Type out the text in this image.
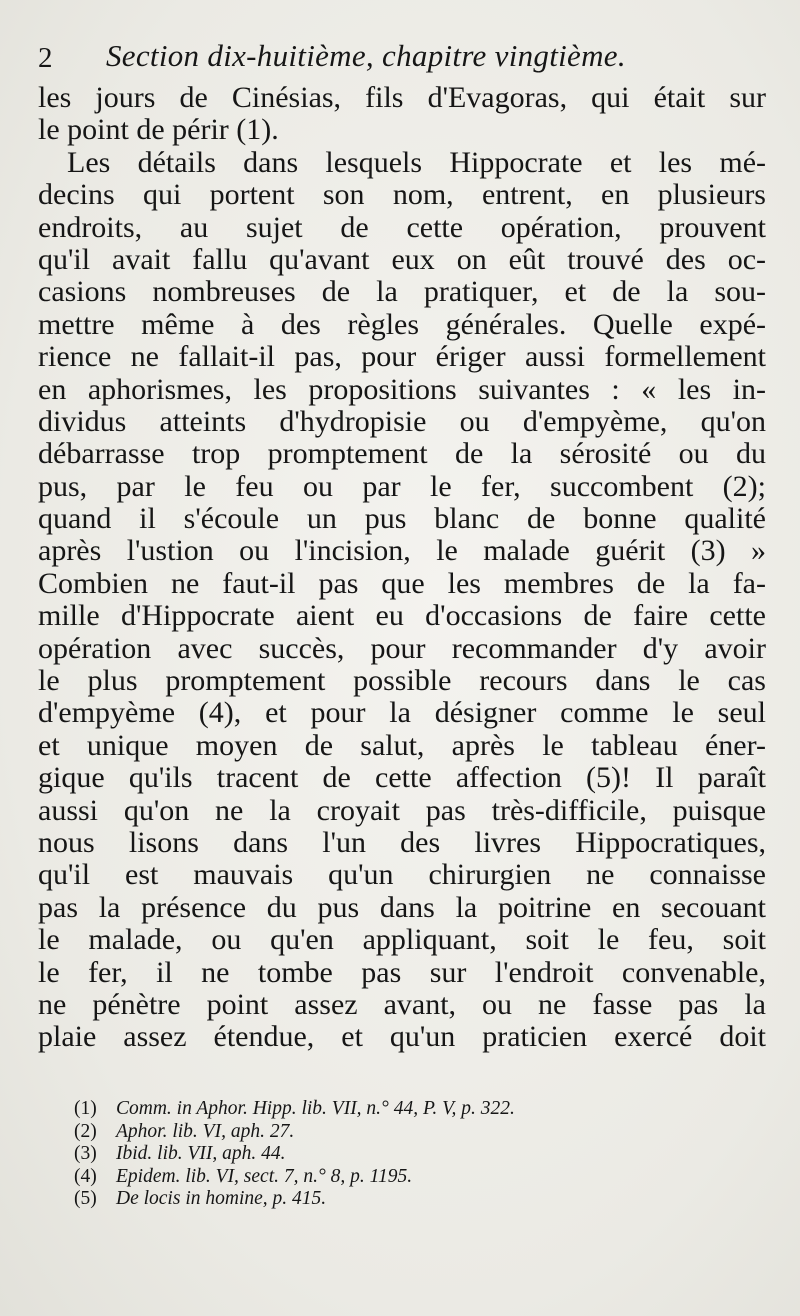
2 Section dix-huitième, chapitre vingtième.
les jours de Cinésias, fils d'Evagoras, qui était sur
le point de périr (1).
Les détails dans lesquels Hippocrate et les mé-
decins qui portent son nom, entrent, en plusieurs
endroits, au sujet de cette opération, prouvent
qu'il avait fallu qu'avant eux on eût trouvé des oc-
casions nombreuses de la pratiquer, et de la sou-
mettre même à des règles générales. Quelle expé-
rience ne fallait-il pas, pour ériger aussi formellement
en aphorismes, les propositions suivantes : « les in-
dividus atteints d'hydropisie ou d'empyème, qu'on
débarrasse trop promptement de la sérosité ou du
pus, par le feu ou par le fer, succombent (2);
quand il s'écoule un pus blanc de bonne qualité
après l'ustion ou l'incision, le malade guérit (3) »
Combien ne faut-il pas que les membres de la fa-
mille d'Hippocrate aient eu d'occasions de faire cette
opération avec succès, pour recommander d'y avoir
le plus promptement possible recours dans le cas
d'empyème (4), et pour la désigner comme le seul
et unique moyen de salut, après le tableau éner-
gique qu'ils tracent de cette affection (5)! Il paraît
aussi qu'on ne la croyait pas très-difficile, puisque
nous lisons dans l'un des livres Hippocratiques,
qu'il est mauvais qu'un chirurgien ne connaisse
pas la présence du pus dans la poitrine en secouant
le malade, ou qu'en appliquant, soit le feu, soit
le fer, il ne tombe pas sur l'endroit convenable,
ne pénètre point assez avant, ou ne fasse pas la
plaie assez étendue, et qu'un praticien exercé doit
(1) Comm. in Aphor. Hipp. lib. VII, n.° 44, P. V, p. 322.
(2) Aphor. lib. VI, aph. 27.
(3) Ibid. lib. VII, aph. 44.
(4) Epidem. lib. VI, sect. 7, n.° 8, p. 1195.
(5) De locis in homine, p. 415.
